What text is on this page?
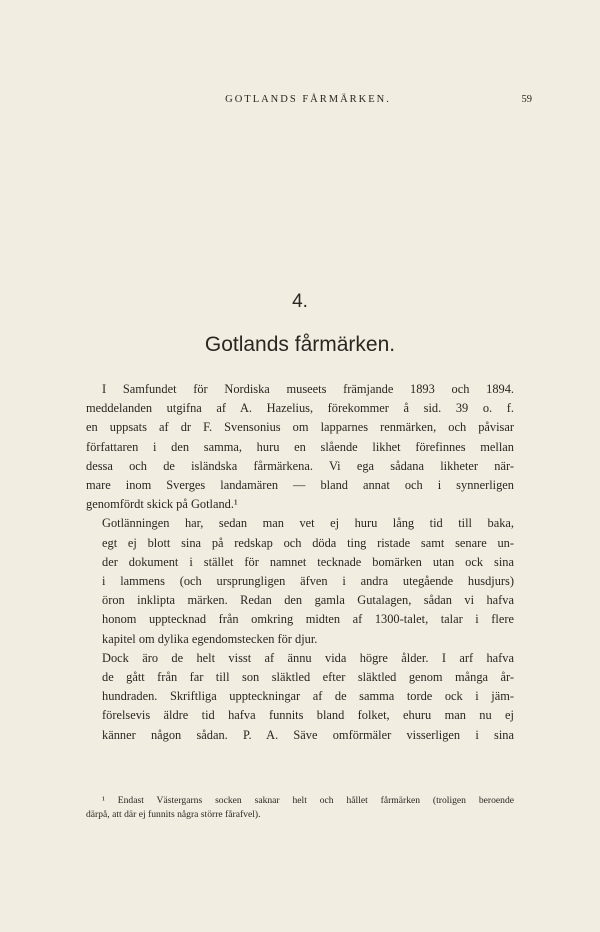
GOTLANDS FÅRMÄRKEN.	59
4.
Gotlands fårmärken.

I Samfundet för Nordiska museets främjande 1893 och 1894.
meddelanden utgifna af A. Hazelius, förekommer å sid. 39 o. f.
en uppsats af dr F. Svensonius om lapparnes renmärken, och påvisar
författaren i den samma, huru en slående likhet förefinnes mellan
dessa och de isländska fårmärkena. Vi ega sådana likheter när-
mare inom Sverges landamären — bland annat och i synnerligen
genomfördt skick på Gotland.¹

Gotlänningen har, sedan man vet ej huru lång tid till baka,
egt ej blott sina på redskap och döda ting ristade samt senare un-
der dokument i stället för namnet tecknade bomärken utan ock sina
i lammens (och ursprungligen äfven i andra utegående husdjurs)
öron inklipta märken. Redan den gamla Gutalagen, sådan vi hafva
honom upptecknad från omkring midten af 1300-talet, talar i flere
kapitel om dylika egendomstecken för djur.

Dock äro de helt visst af ännu vida högre ålder. I arf hafva
de gått från far till son släktled efter släktled genom många år-
hundraden. Skriftliga uppteckningar af de samma torde ock i jäm-
förelsevis äldre tid hafva funnits bland folket, ehuru man nu ej
känner någon sådan. P. A. Säve omförmäler visserligen i sina

¹ Endast Västergarns socken saknar helt och hållet fårmärken (troligen beroende
därpå, att där ej funnits några större fårafvel).
